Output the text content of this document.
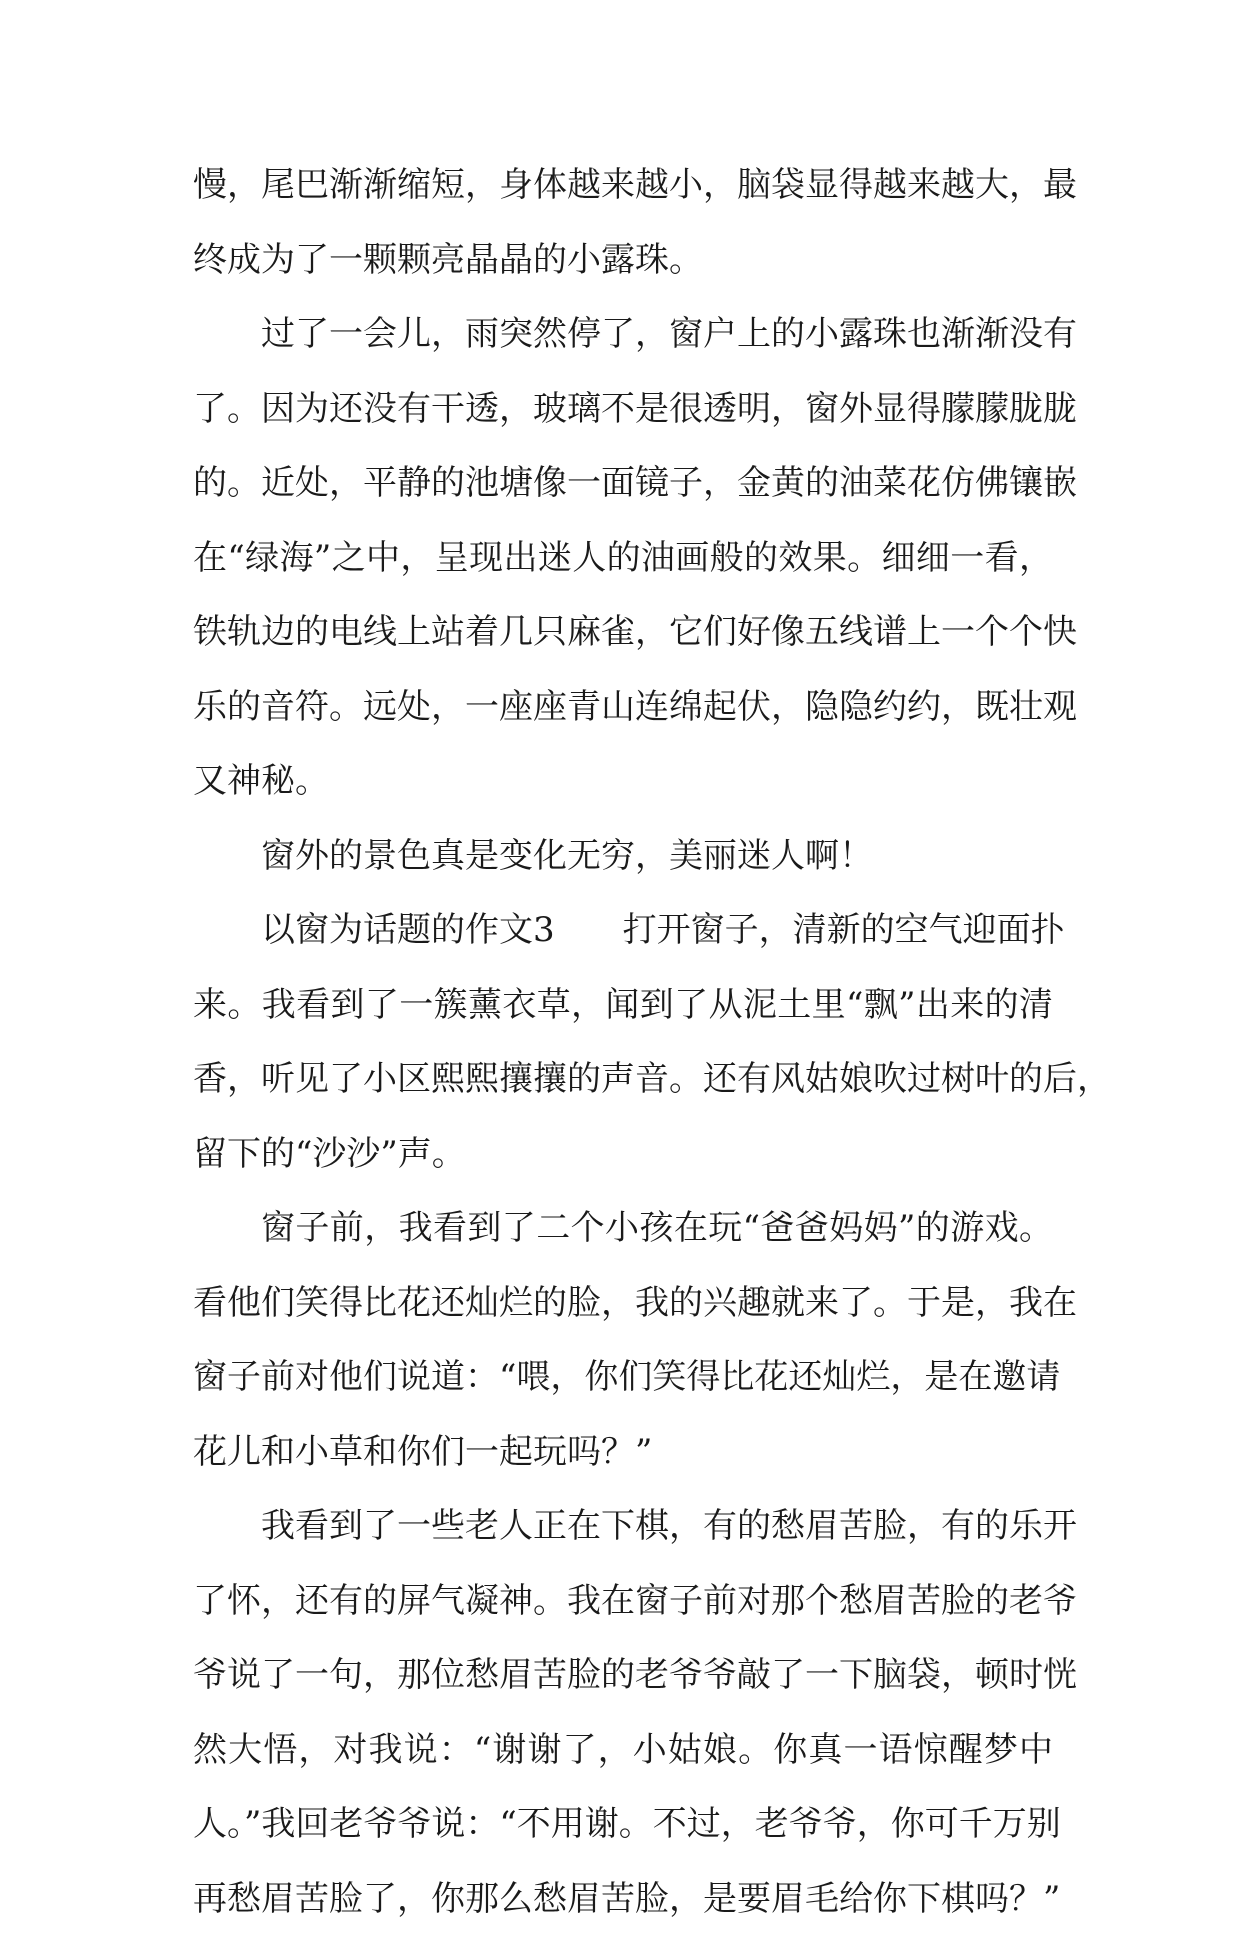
慢，尾巴渐渐缩短，身体越来越小，脑袋显得越来越大，最
终成为了一颗颗亮晶晶的小露珠。
过了一会儿，雨突然停了，窗户上的小露珠也渐渐没有
了。因为还没有干透，玻璃不是很透明，窗外显得朦朦胧胧
的。近处，平静的池塘像一面镜子，金黄的油菜花仿佛镶嵌
在“绿海”之中，呈现出迷人的油画般的效果。细细一看，
铁轨边的电线上站着几只麻雀，它们好像五线谱上一个个快
乐的音符。远处，一座座青山连绵起伏，隐隐约约，既壮观
又神秘。
窗外的景色真是变化无穷，美丽迷人啊！
以窗为话题的作文3　　打开窗子，清新的空气迎面扑
来。我看到了一簇薰衣草，闻到了从泥土里“飘”出来的清
香，听见了小区熙熙攘攘的声音。还有风姑娘吹过树叶的后，
留下的“沙沙”声。
窗子前，我看到了二个小孩在玩“爸爸妈妈”的游戏。
看他们笑得比花还灿烂的脸，我的兴趣就来了。于是，我在
窗子前对他们说道：“喂，你们笑得比花还灿烂，是在邀请
花儿和小草和你们一起玩吗？”
我看到了一些老人正在下棋，有的愁眉苦脸，有的乐开
了怀，还有的屏气凝神。我在窗子前对那个愁眉苦脸的老爷
爷说了一句，那位愁眉苦脸的老爷爷敲了一下脑袋，顿时恍
然大悟，对我说：“谢谢了，小姑娘。你真一语惊醒梦中
人。”我回老爷爷说：“不用谢。不过，老爷爷，你可千万别
再愁眉苦脸了，你那么愁眉苦脸，是要眉毛给你下棋吗？”
